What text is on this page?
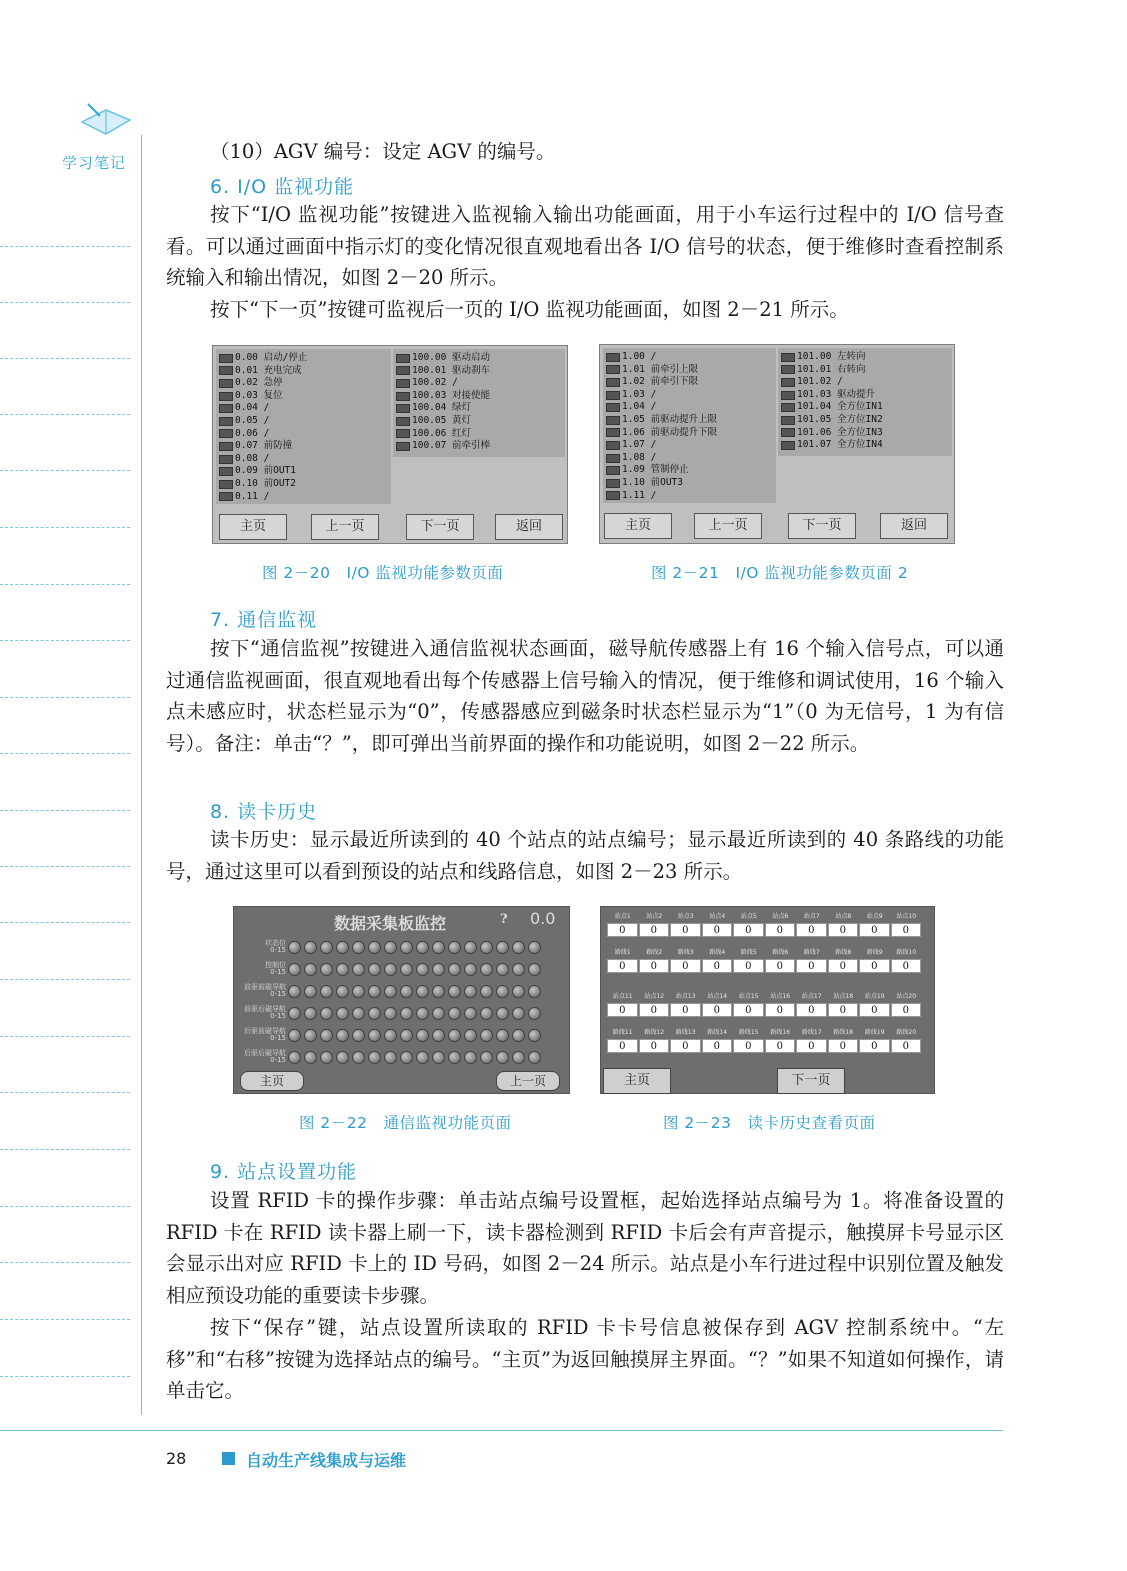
学习笔记	（10）AGV 编号：设定 AGV 的编号。

6. I/O 监视功能

按下“I/O 监视功能”按键进入监视输入输出功能画面，用于小车运行过程中的 I/O 信号查看。可以通过画面中指示灯的变化情况很直观地看出各 I/O 信号的状态，便于维修时查看控制系统输入和输出情况，如图 2－20 所示。

按下“下一页”按键可监视后一页的 I/O 监视功能画面，如图 2－21 所示。

0.00 启动/停止
0.01 充电完成
0.02 急停
0.03 复位
0.04 /
0.05 /
0.06 /
0.07 前防撞
0.08 /
0.09 前OUT1
0.10 前OUT2
0.11 /
100.00 驱动启动
100.01 驱动刹车
100.02 /
100.03 对接使能
100.04 绿灯
100.05 黄灯
100.06 红灯
100.07 前牵引棒
主页	上一页	下一页	返回
图 2－20　I/O 监视功能参数页面
1.00 /
1.01 前牵引上限
1.02 前牵引下限
1.03 /
1.04 /
1.05 前驱动提升上限
1.06 前驱动提升下限
1.07 /
1.08 /
1.09 管制停止
1.10 前OUT3
1.11 /
101.00 左转向
101.01 右转向
101.02 /
101.03 驱动提升
101.04 全方位IN1
101.05 全方位IN2
101.06 全方位IN3
101.07 全方位IN4
主页	上一页	下一页	返回
图 2－21　I/O 监视功能参数页面 2
7. 通信监视

按下“通信监视”按键进入通信监视状态画面，磁导航传感器上有 16 个输入信号点，可以通过通信监视画面，很直观地看出每个传感器上信号输入的情况，便于维修和调试使用，16 个输入点未感应时，状态栏显示为“0”，传感器感应到磁条时状态栏显示为“1”（0 为无信号，1 为有信号）。备注：单击“？”，即可弹出当前界面的操作和功能说明，如图 2－22 所示。

8. 读卡历史

读卡历史：显示最近所读到的 40 个站点的站点编号；显示最近所读到的 40 条路线的功能号，通过这里可以看到预设的站点和线路信息，如图 2－23 所示。

数据采集板监控	? 0.0
状态位
0-15
控制位
0-15
前驱前磁导航
0-15
前驱后磁导航
0-15
后驱前磁导航
0-15
后驱后磁导航
0-15
主页	上一页
图 2－22　通信监视功能页面
站点1	站点2	站点3	站点4	站点5	站点6	站点7	站点8	站点9	站点10
0	0	0	0	0	0	0	0	0	0
路线1	路线2	路线3	路线4	路线5	路线6	路线7	路线8	路线9	路线10
0	0	0	0	0	0	0	0	0	0
站点11	站点12	站点13	站点14	站点15	站点16	站点17	站点18	站点19	站点20
0	0	0	0	0	0	0	0	0	0
路线11	路线12	路线13	路线14	路线15	路线16	路线17	路线18	路线19	路线20
0	0	0	0	0	0	0	0	0	0
主页	下一页
图 2－23　读卡历史查看页面
9. 站点设置功能

设置 RFID 卡的操作步骤：单击站点编号设置框，起始选择站点编号为 1。将准备设置的 RFID 卡在 RFID 读卡器上刷一下，读卡器检测到 RFID 卡后会有声音提示，触摸屏卡号显示区会显示出对应 RFID 卡上的 ID 号码，如图 2－24 所示。站点是小车行进过程中识别位置及触发相应预设功能的重要读卡步骤。

按下“保存”键，站点设置所读取的 RFID 卡卡号信息被保存到 AGV 控制系统中。“左移”和“右移”按键为选择站点的编号。“主页”为返回触摸屏主界面。“？”如果不知道如何操作，请单击它。

28	自动生产线集成与运维
